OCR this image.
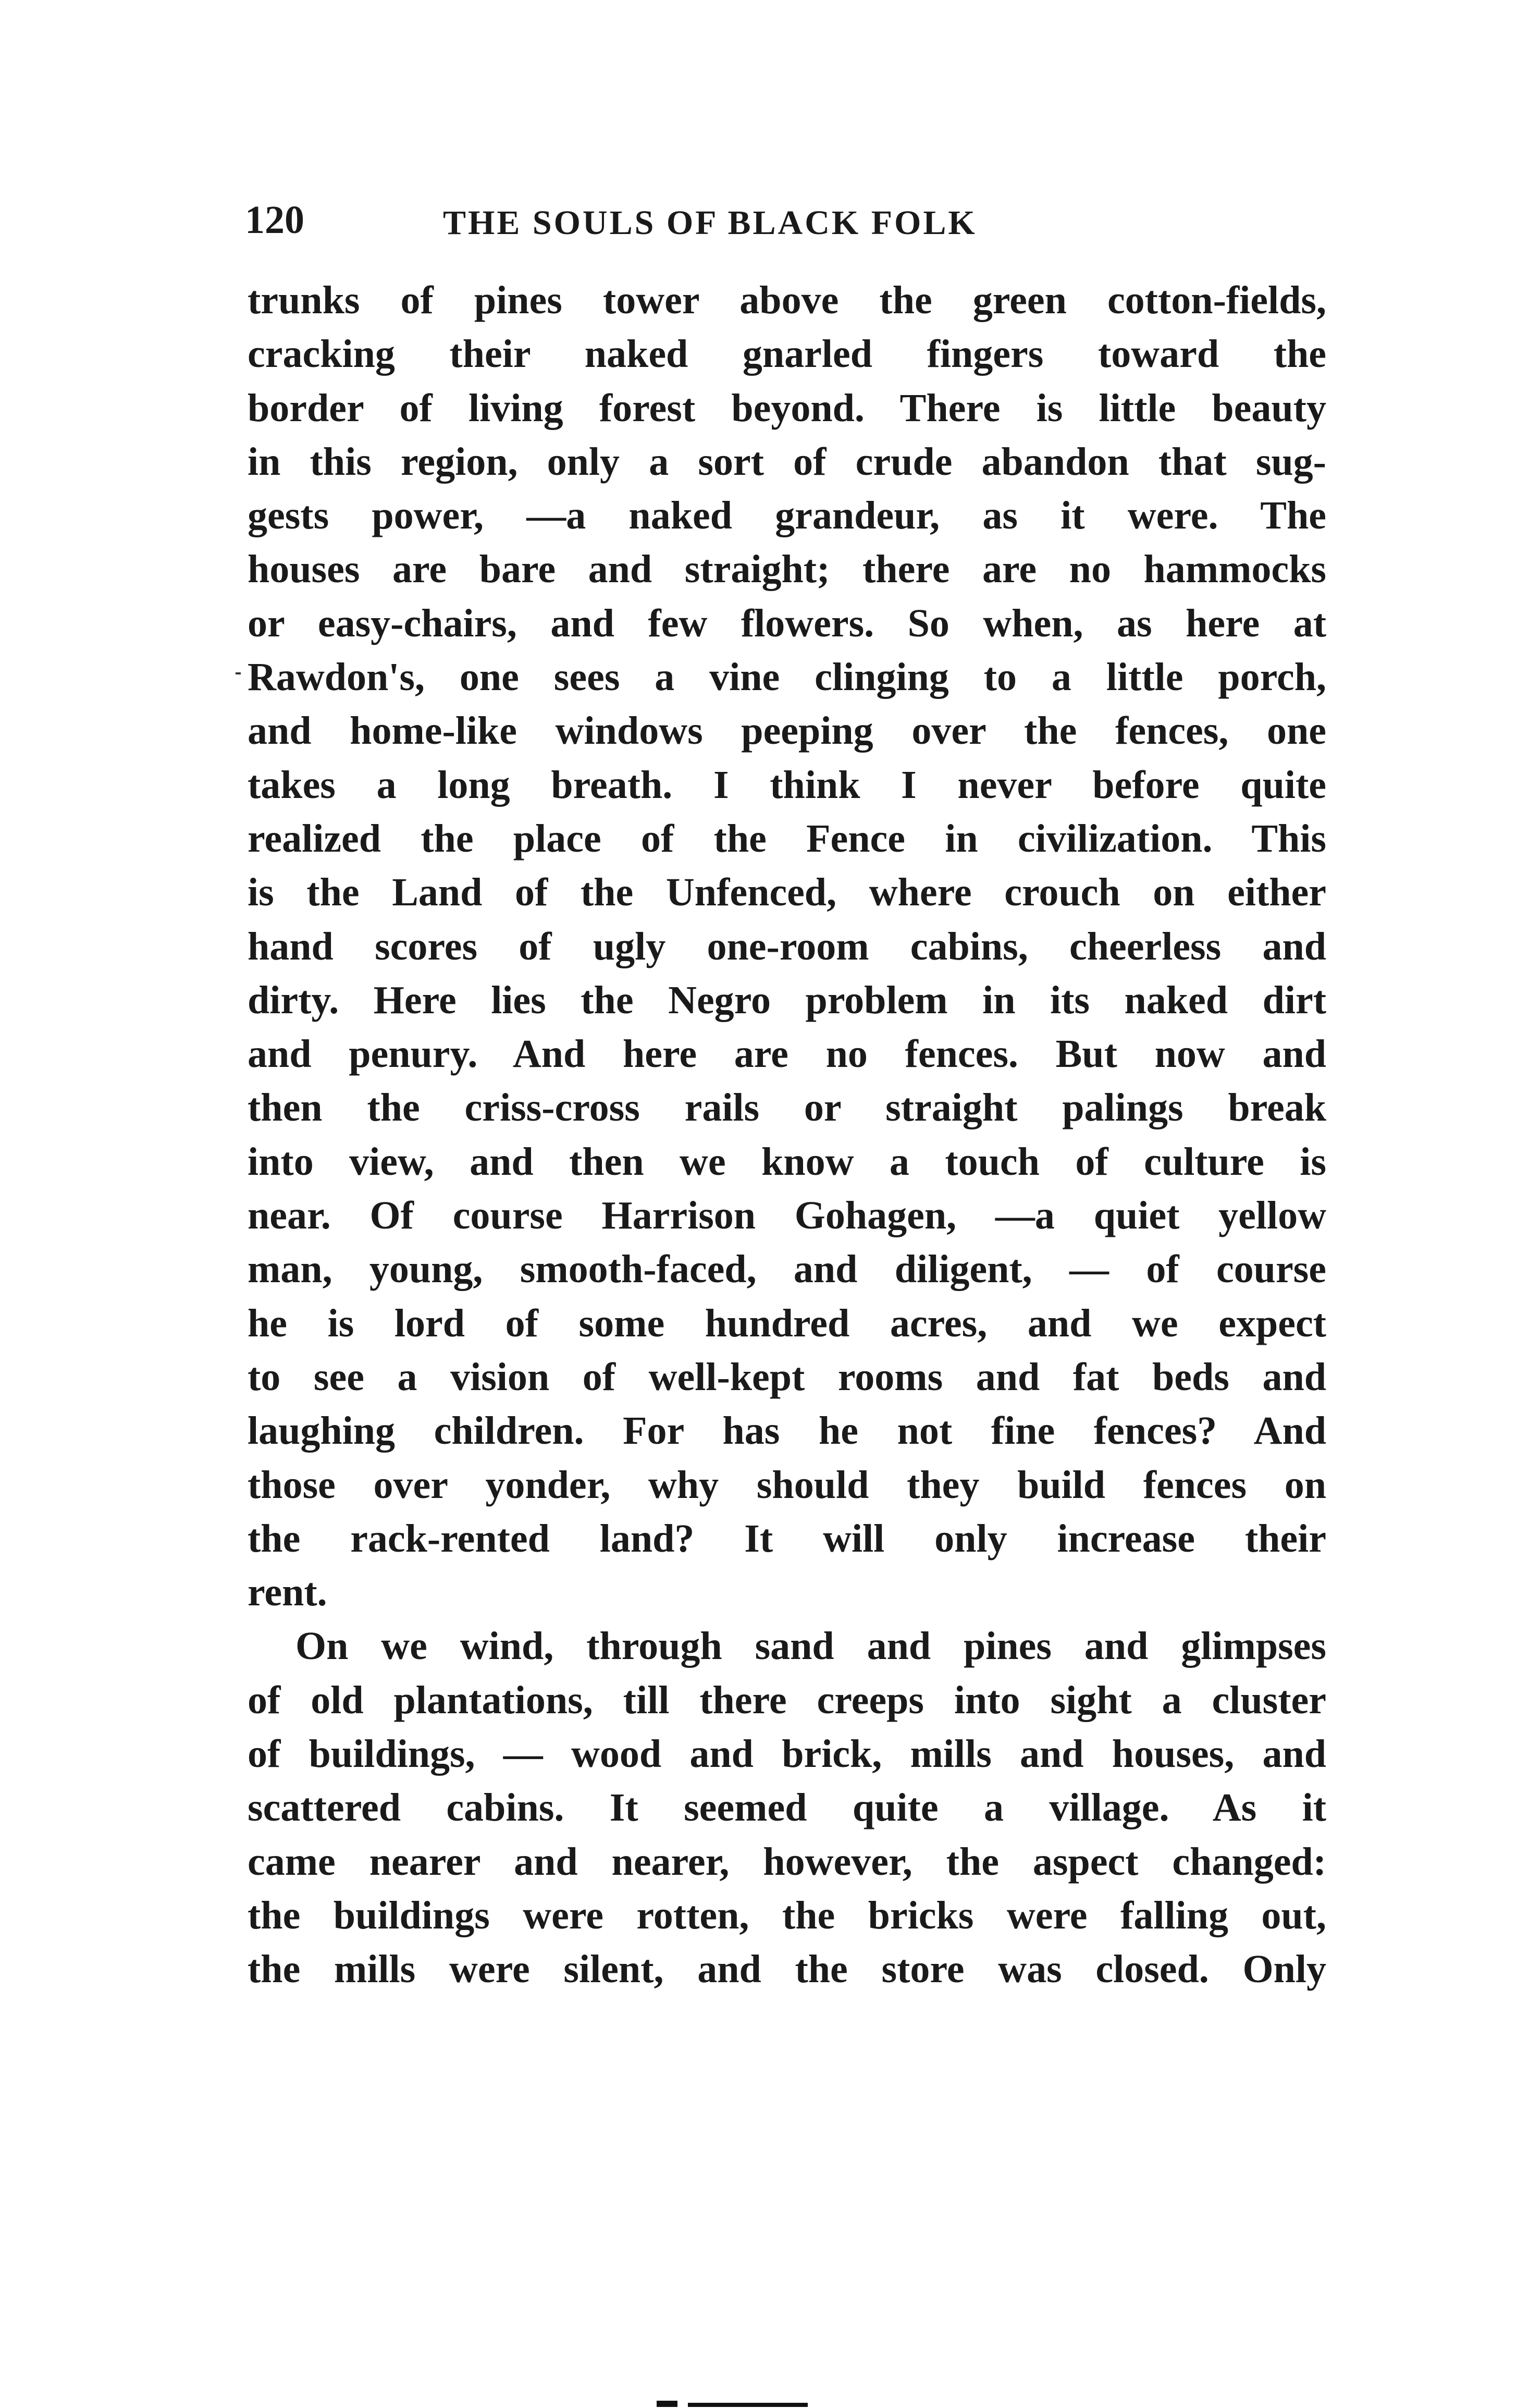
120	THE SOULS OF BLACK FOLK
trunks of pines tower above the green cotton-fields,
cracking their naked gnarled fingers toward the
border of living forest beyond. There is little beauty
in this region, only a sort of crude abandon that sug-
gests power, —a naked grandeur, as it were. The
houses are bare and straight; there are no hammocks
or easy-chairs, and few flowers. So when, as here at
Rawdon's, one sees a vine clinging to a little porch,
and home-like windows peeping over the fences, one
takes a long breath. I think I never before quite
realized the place of the Fence in civilization. This
is the Land of the Unfenced, where crouch on either
hand scores of ugly one-room cabins, cheerless and
dirty. Here lies the Negro problem in its naked dirt
and penury. And here are no fences. But now and
then the criss-cross rails or straight palings break
into view, and then we know a touch of culture is
near. Of course Harrison Gohagen, —a quiet yellow
man, young, smooth-faced, and diligent, — of course
he is lord of some hundred acres, and we expect
to see a vision of well-kept rooms and fat beds and
laughing children. For has he not fine fences? And
those over yonder, why should they build fences on
the rack-rented land? It will only increase their
rent.
On we wind, through sand and pines and glimpses
of old plantations, till there creeps into sight a cluster
of buildings, — wood and brick, mills and houses, and
scattered cabins. It seemed quite a village. As it
came nearer and nearer, however, the aspect changed:
the buildings were rotten, the bricks were falling out,
the mills were silent, and the store was closed. Only
